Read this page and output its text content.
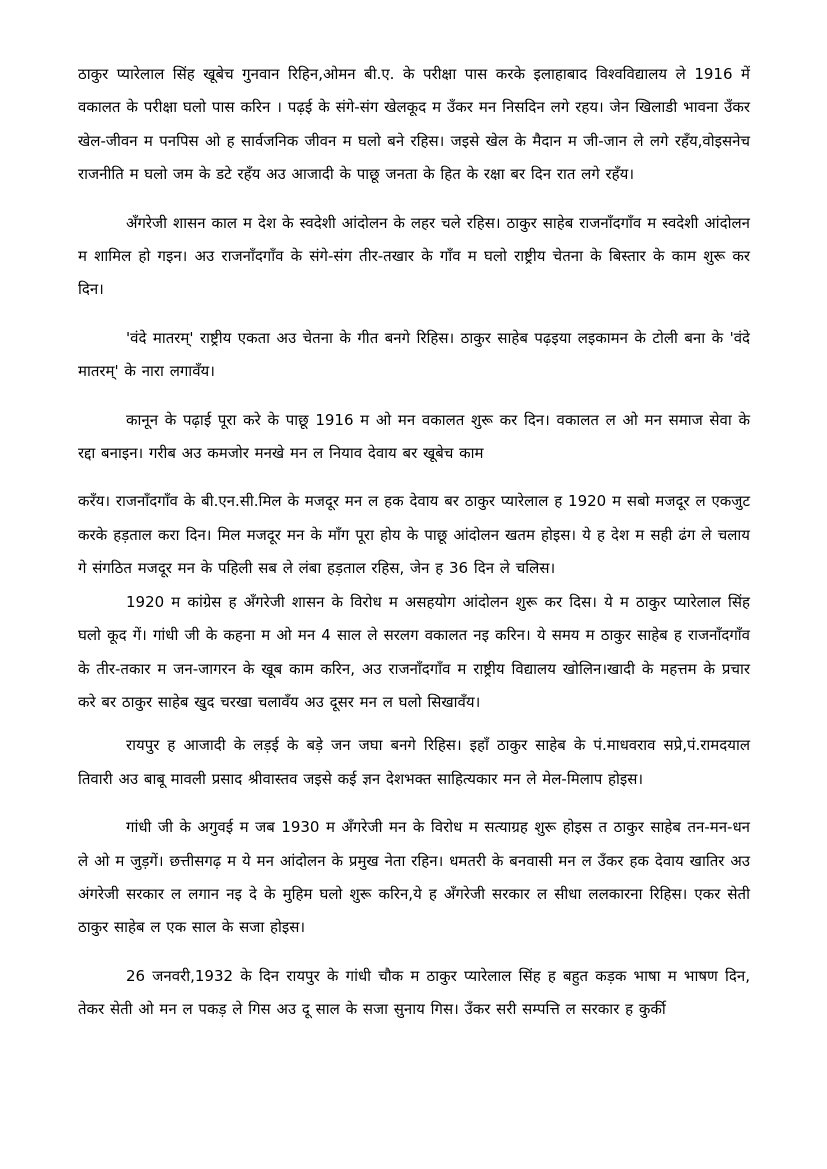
ठाकुर प्यारेलाल सिंह खूबेच गुनवान रिहिन,ओमन बी.ए. के परीक्षा पास करके इलाहाबाद विश्वविद्यालय ले 1916 में वकालत के परीक्षा घलो पास करिन । पढ़ई के संगे-संग खेलकूद म उँकर मन निसदिन लगे रहय। जेन खिलाडी भावना उँकर खेल-जीवन म पनपिस ओ ह सार्वजनिक जीवन म घलो बने रहिस। जइसे खेल के मैदान म जी-जान ले लगे रहँय,वोइसनेच राजनीति म घलो जम के डटे रहँय अउ आजादी के पाछू जनता के हित के रक्षा बर दिन रात लगे रहँय।

अँगरेजी शासन काल म देश के स्वदेशी आंदोलन के लहर चले रहिस। ठाकुर साहेब राजनाँदगाँव म स्वदेशी आंदोलन म शामिल हो गइन। अउ राजनाँदगाँव के संगे-संग तीर-तखार के गाँव म घलो राष्ट्रीय चेतना के बिस्तार के काम शुरू कर दिन।

'वंदे मातरम्' राष्ट्रीय एकता अउ चेतना के गीत बनगे रिहिस। ठाकुर साहेब पढ़इया लइकामन के टोली बना के 'वंदे मातरम्' के नारा लगावँय।

कानून के पढ़ाई पूरा करे के पाछू 1916 म ओ मन वकालत शुरू कर दिन। वकालत ल ओ मन समाज सेवा के रद्दा बनाइन। गरीब अउ कमजोर मनखे मन ल नियाव देवाय बर खूबेच काम

करँय। राजनाँदगाँव के बी.एन.सी.मिल के मजदूर मन ल हक देवाय बर ठाकुर प्यारेलाल ह 1920 म सबो मजदूर ल एकजुट करके हड़ताल करा दिन। मिल मजदूर मन के माँग पूरा होय के पाछू आंदोलन खतम होइस। ये ह देश म सही ढंग ले चलाय गे संगठित मजदूर मन के पहिली सब ले लंबा हड़ताल रहिस, जेन ह 36 दिन ले चलिस।

1920 म कांग्रेस ह अँगरेजी शासन के विरोध म असहयोग आंदोलन शुरू कर दिस। ये म ठाकुर प्यारेलाल सिंह घलो कूद गें। गांधी जी के कहना म ओ मन 4 साल ले सरलग वकालत नइ करिन। ये समय म ठाकुर साहेब ह राजनाँदगाँव के तीर-तकार म जन-जागरन के खूब काम करिन, अउ राजनाँदगाँव म राष्ट्रीय विद्यालय खोलिन।खादी के महत्तम के प्रचार करे बर ठाकुर साहेब खुद चरखा चलावँय अउ दूसर मन ल घलो सिखावँय।

रायपुर ह आजादी के लड़ई के बड़े जन जघा बनगे रिहिस। इहाँ ठाकुर साहेब के पं.माधवराव सप्रे,पं.रामदयाल तिवारी अउ बाबू मावली प्रसाद श्रीवास्तव जइसे कई ज्ञन देशभक्त साहित्यकार मन ले मेल-मिलाप होइस।

गांधी जी के अगुवई म जब 1930 म अँगरेजी मन के विरोध म सत्याग्रह शुरू होइस त ठाकुर साहेब तन-मन-धन ले ओ म जुड़गें। छत्तीसगढ़ म ये मन आंदोलन के प्रमुख नेता रहिन। धमतरी के बनवासी मन ल उँकर हक देवाय खातिर अउ अंगरेजी सरकार ल लगान नइ दे के मुहिम घलो शुरू करिन,ये ह अँगरेजी सरकार ल सीधा ललकारना रिहिस। एकर सेती ठाकुर साहेब ल एक साल के सजा होइस।

26 जनवरी,1932 के दिन रायपुर के गांधी चौक म ठाकुर प्यारेलाल सिंह ह बहुत कड़क भाषा म भाषण दिन, तेकर सेती ओ मन ल पकड़ ले गिस अउ दू साल के सजा सुनाय गिस। उँकर सरी सम्पत्ति ल सरकार ह कुर्की
